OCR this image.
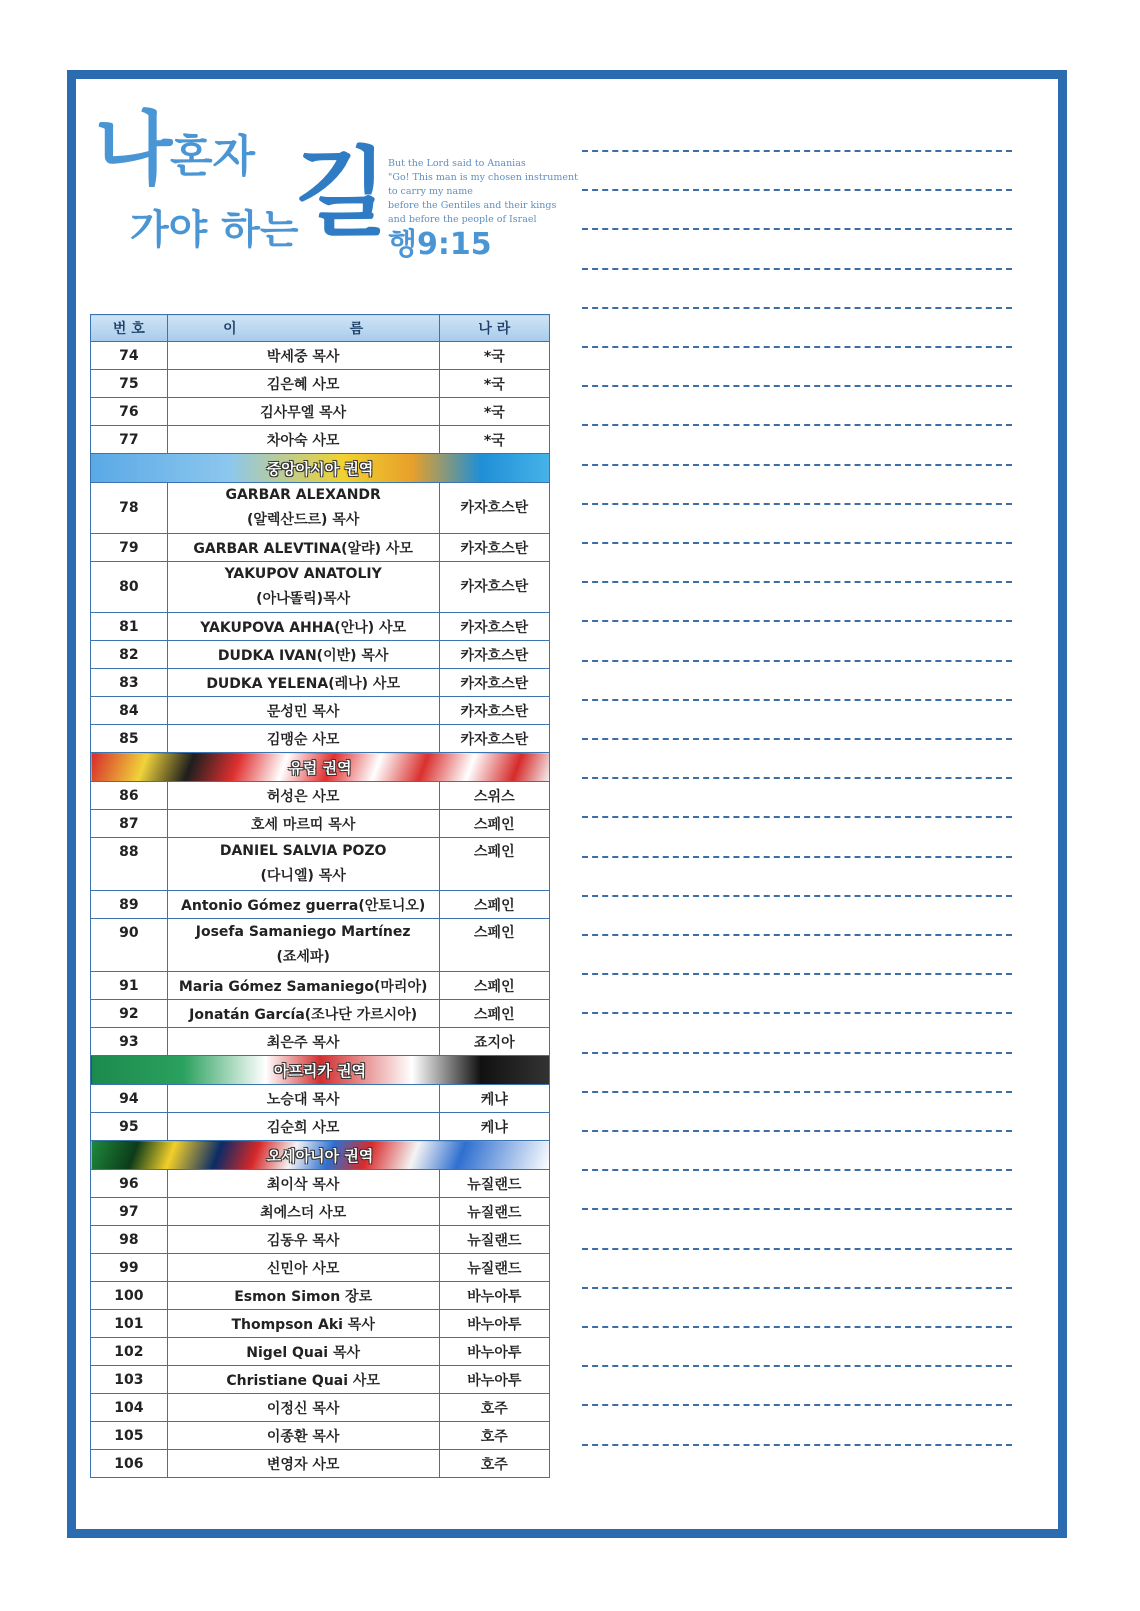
나
혼자
가야 하는
길 But the Lord said to Ananias
"Go! This man is my chosen instrument
to carry my name
before the Gentiles and their kings
and before the people of Israel
행9:15
번 호	이 름	나 라
74	박세중 목사	*국
75	김은혜 사모	*국
76	김사무엘 목사	*국
77	차아숙 사모	*국
중앙아시아 권역		
78	GARBAR ALEXANDR
(알렉산드르) 목사	카자흐스탄
79	GARBAR ALEVTINA(알랴) 사모	카자흐스탄
80	YAKUPOV ANATOLIY
(아나똘릭)목사	카자흐스탄
81	YAKUPOVA AHHA(안나) 사모	카자흐스탄
82	DUDKA IVAN(이반) 목사	카자흐스탄
83	DUDKA YELENA(레나) 사모	카자흐스탄
84	문성민 목사	카자흐스탄
85	김맹순 사모	카자흐스탄
유럽 권역		
86	허성은 사모	스위스
87	호세 마르띠 목사	스페인
88	DANIEL SALVIA POZO
(다니엘) 목사	스페인
89	Antonio Gómez guerra(안토니오)	스페인
90	Josefa Samaniego Martínez
(죠세파)	스페인
91	Maria Gómez Samaniego(마리아)	스페인
92	Jonatán García(조나단 가르시아)	스페인
93	최은주 목사	죠지아
아프리카 권역		
94	노승대 목사	케냐
95	김순희 사모	케냐
오세아니아 권역		
96	최이삭 목사	뉴질랜드
97	최에스더 사모	뉴질랜드
98	김동우 목사	뉴질랜드
99	신민아 사모	뉴질랜드
100	Esmon Simon 장로	바누아투
101	Thompson Aki 목사	바누아투
102	Nigel Quai 목사	바누아투
103	Christiane Quai 사모	바누아투
104	이정신 목사	호주
105	이종환 목사	호주
106	변영자 사모	호주
